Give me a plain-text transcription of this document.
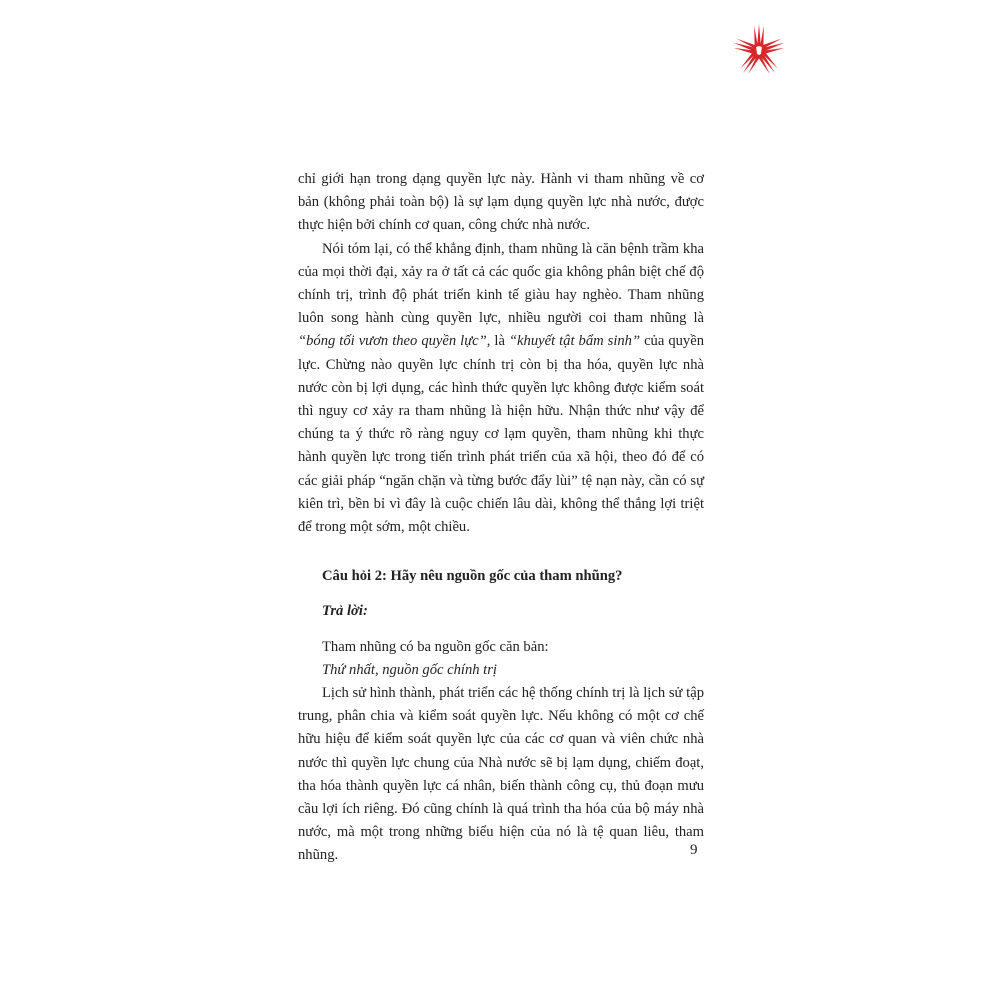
chỉ giới hạn trong dạng quyền lực này. Hành vi tham nhũng về cơ bản (không phải toàn bộ) là sự lạm dụng quyền lực nhà nước, được thực hiện bởi chính cơ quan, công chức nhà nước.

Nói tóm lại, có thể khẳng định, tham nhũng là căn bệnh trầm kha của mọi thời đại, xảy ra ở tất cả các quốc gia không phân biệt chế độ chính trị, trình độ phát triển kinh tế giàu hay nghèo. Tham nhũng luôn song hành cùng quyền lực, nhiều người coi tham nhũng là “bóng tối vươn theo quyền lực”, là “khuyết tật bẩm sinh” của quyền lực. Chừng nào quyền lực chính trị còn bị tha hóa, quyền lực nhà nước còn bị lợi dụng, các hình thức quyền lực không được kiểm soát thì nguy cơ xảy ra tham nhũng là hiện hữu. Nhận thức như vậy để chúng ta ý thức rõ ràng nguy cơ lạm quyền, tham nhũng khi thực hành quyền lực trong tiến trình phát triển của xã hội, theo đó để có các giải pháp “ngăn chặn và từng bước đẩy lùi” tệ nạn này, cần có sự kiên trì, bền bỉ vì đây là cuộc chiến lâu dài, không thể thắng lợi triệt để trong một sớm, một chiều.

Câu hỏi 2: Hãy nêu nguồn gốc của tham nhũng?

Trả lời:

Tham nhũng có ba nguồn gốc căn bản:

Thứ nhất, nguồn gốc chính trị

Lịch sử hình thành, phát triển các hệ thống chính trị là lịch sử tập trung, phân chia và kiểm soát quyền lực. Nếu không có một cơ chế hữu hiệu để kiểm soát quyền lực của các cơ quan và viên chức nhà nước thì quyền lực chung của Nhà nước sẽ bị lạm dụng, chiếm đoạt, tha hóa thành quyền lực cá nhân, biến thành công cụ, thủ đoạn mưu cầu lợi ích riêng. Đó cũng chính là quá trình tha hóa của bộ máy nhà nước, mà một trong những biểu hiện của nó là tệ quan liêu, tham nhũng.	9
